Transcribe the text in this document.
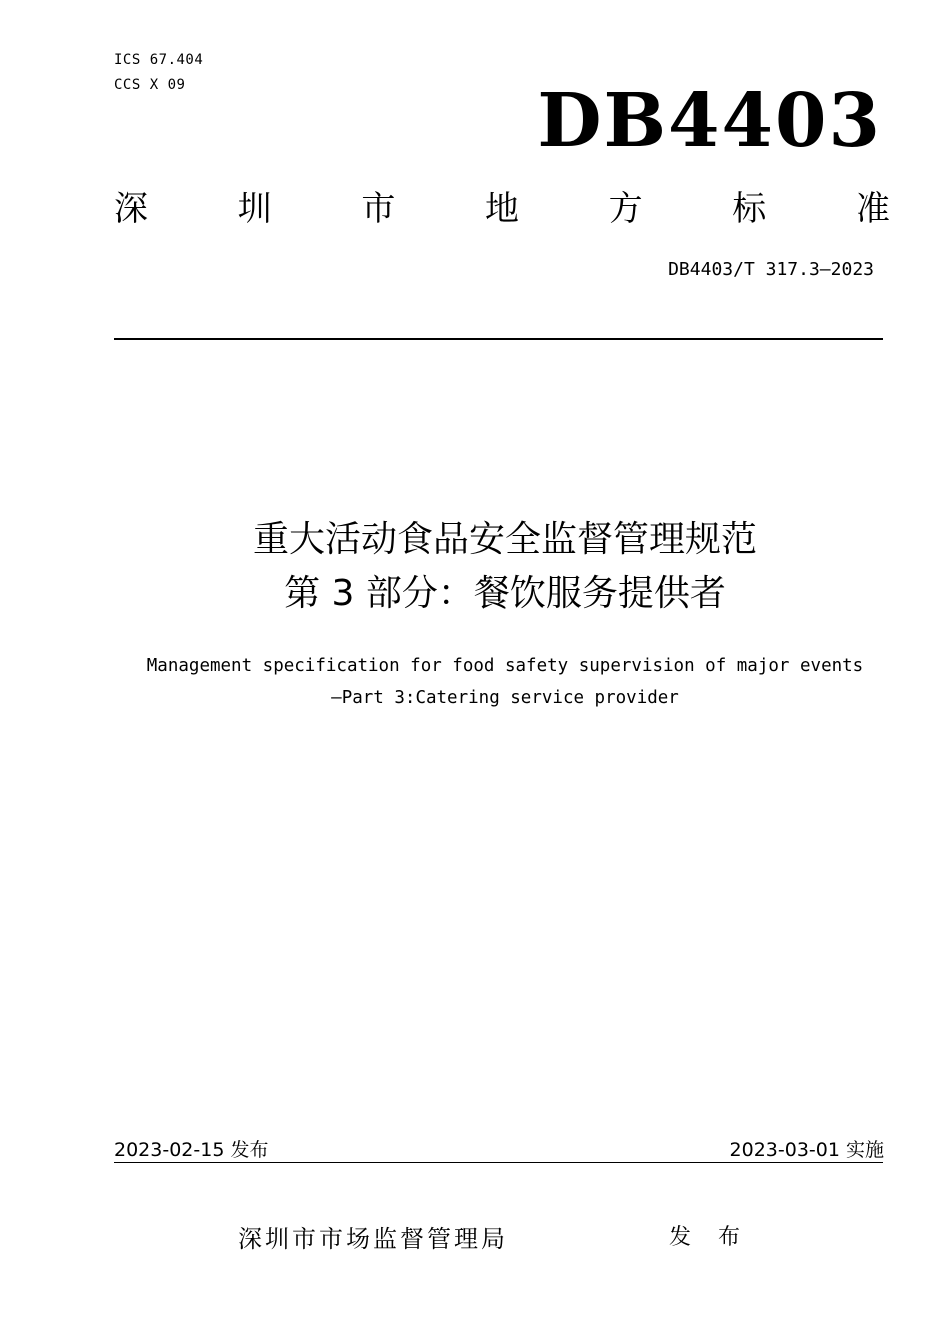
ICS 67.404
CCS X 09	DB4403
深	圳	市	地	方	标	准
DB4403/T 317.3—2023
重大活动食品安全监督管理规范
第 3 部分：餐饮服务提供者
Management specification for food safety supervision of major events
—Part 3:Catering service provider
2023-02-15 发布	2023-03-01 实施
深圳市市场监督管理局	发 布
